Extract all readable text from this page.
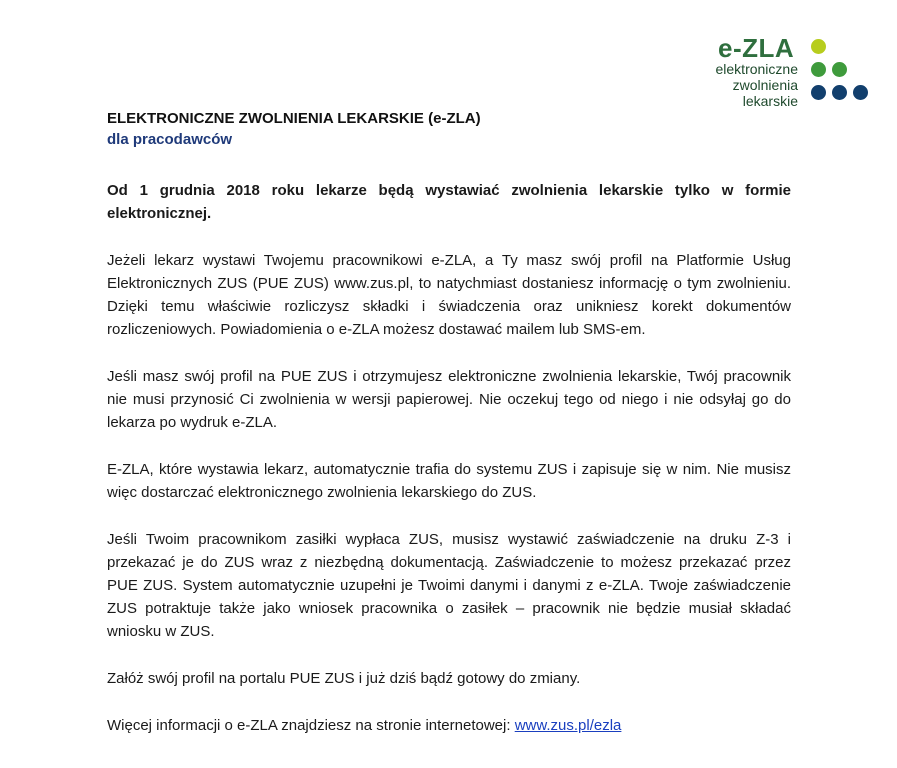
e-ZLA
elektroniczne
zwolnienia
lekarskie
ELEKTRONICZNE ZWOLNIENIA LEKARSKIE (e-ZLA)
dla pracodawców

Od 1 grudnia 2018 roku lekarze będą wystawiać zwolnienia lekarskie tylko w formie elektronicznej.

Jeżeli lekarz wystawi Twojemu pracownikowi e-ZLA, a Ty masz swój profil na Platformie Usług Elektronicznych ZUS (PUE ZUS) www.zus.pl, to natychmiast dostaniesz informację o tym zwolnieniu. Dzięki temu właściwie rozliczysz składki i świadczenia oraz unikniesz korekt dokumentów rozliczeniowych. Powiadomienia o e-ZLA możesz dostawać mailem lub SMS-em.

Jeśli masz swój profil na PUE ZUS i otrzymujesz elektroniczne zwolnienia lekarskie, Twój pracownik nie musi przynosić Ci zwolnienia w wersji papierowej. Nie oczekuj tego od niego i nie odsyłaj go do lekarza po wydruk e-ZLA.

E-ZLA, które wystawia lekarz, automatycznie trafia do systemu ZUS i zapisuje się w nim. Nie musisz więc dostarczać elektronicznego zwolnienia lekarskiego do ZUS.

Jeśli Twoim pracownikom zasiłki wypłaca ZUS, musisz wystawić zaświadczenie na druku Z-3 i przekazać je do ZUS wraz z niezbędną dokumentacją. Zaświadczenie to możesz przekazać przez PUE ZUS. System automatycznie uzupełni je Twoimi danymi i danymi z e-ZLA. Twoje zaświadczenie ZUS potraktuje także jako wniosek pracownika o zasiłek – pracownik nie będzie musiał składać wniosku w ZUS.

Załóż swój profil na portalu PUE ZUS i już dziś bądź gotowy do zmiany.

Więcej informacji o e-ZLA znajdziesz na stronie internetowej: www.zus.pl/ezla
